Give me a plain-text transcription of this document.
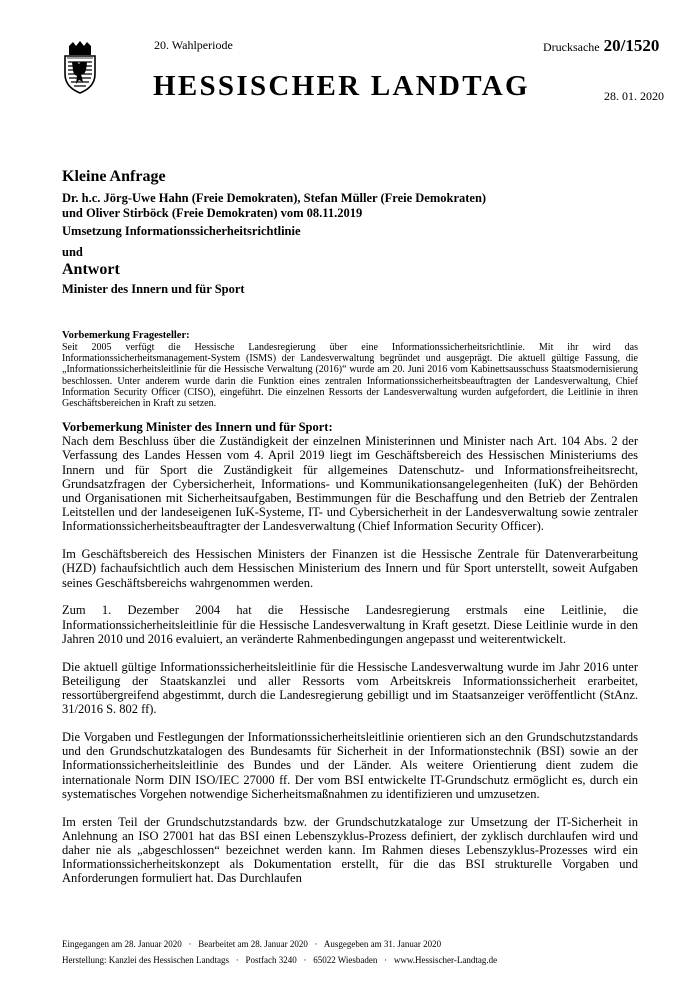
20. Wahlperiode	Drucksache 20/1520
HESSISCHER LANDTAG	28. 01. 2020
Kleine Anfrage
Dr. h.c. Jörg-Uwe Hahn (Freie Demokraten), Stefan Müller (Freie Demokraten)
und Oliver Stirböck (Freie Demokraten) vom 08.11.2019
Umsetzung Informationssicherheitsrichtlinie
und
Antwort
Minister des Innern und für Sport

Vorbemerkung Fragesteller:

Seit 2005 verfügt die Hessische Landesregierung über eine Informationssicherheitsrichtlinie. Mit ihr wird das Informationssicherheitsmanagement-System (ISMS) der Landesverwaltung begründet und ausgeprägt. Die aktuell gültige Fassung, die „Informationssicherheitsleitlinie für die Hessische Verwaltung (2016)“ wurde am 20. Juni 2016 vom Kabinettsausschuss Staatsmodernisierung beschlossen. Unter anderem wurde darin die Funktion eines zentralen Informationssicherheitsbeauftragten der Landesverwaltung, Chief Information Security Officer (CISO), eingeführt. Die einzelnen Ressorts der Landesverwaltung wurden aufgefordert, die Leitlinie in ihren Geschäftsbereichen in Kraft zu setzen.

Vorbemerkung Minister des Innern und für Sport:

Nach dem Beschluss über die Zuständigkeit der einzelnen Ministerinnen und Minister nach Art. 104 Abs. 2 der Verfassung des Landes Hessen vom 4. April 2019 liegt im Geschäftsbereich des Hessischen Ministeriums des Innern und für Sport die Zuständigkeit für allgemeines Datenschutz- und Informationsfreiheitsrecht, Grundsatzfragen der Cybersicherheit, Informations- und Kommunikationsangelegenheiten (IuK) der Behörden und Organisationen mit Sicherheitsaufgaben, Bestimmungen für die Beschaffung und den Betrieb der Zentralen Leitstellen und der landeseigenen IuK-Systeme, IT- und Cybersicherheit in der Landesverwaltung sowie zentraler Informationssicherheitsbeauftragter der Landesverwaltung (Chief Information Security Officer).

Im Geschäftsbereich des Hessischen Ministers der Finanzen ist die Hessische Zentrale für Datenverarbeitung (HZD) fachaufsichtlich auch dem Hessischen Ministerium des Innern und für Sport unterstellt, soweit Aufgaben seines Geschäftsbereichs wahrgenommen werden.

Zum 1. Dezember 2004 hat die Hessische Landesregierung erstmals eine Leitlinie, die Informationssicherheitsleitlinie für die Hessische Landesverwaltung in Kraft gesetzt. Diese Leitlinie wurde in den Jahren 2010 und 2016 evaluiert, an veränderte Rahmenbedingungen angepasst und weiterentwickelt.

Die aktuell gültige Informationssicherheitsleitlinie für die Hessische Landesverwaltung wurde im Jahr 2016 unter Beteiligung der Staatskanzlei und aller Ressorts vom Arbeitskreis Informationssicherheit erarbeitet, ressortübergreifend abgestimmt, durch die Landesregierung gebilligt und im Staatsanzeiger veröffentlicht (StAnz. 31/2016 S. 802 ff).

Die Vorgaben und Festlegungen der Informationssicherheitsleitlinie orientieren sich an den Grundschutzstandards und den Grundschutzkatalogen des Bundesamts für Sicherheit in der Informationstechnik (BSI) sowie an der Informationssicherheitsleitlinie des Bundes und der Länder. Als weitere Orientierung dient zudem die internationale Norm DIN ISO/IEC 27000 ff. Der vom BSI entwickelte IT-Grundschutz ermöglicht es, durch ein systematisches Vorgehen notwendige Sicherheitsmaßnahmen zu identifizieren und umzusetzen.

Im ersten Teil der Grundschutzstandards bzw. der Grundschutzkataloge zur Umsetzung der IT-Sicherheit in Anlehnung an ISO 27001 hat das BSI einen Lebenszyklus-Prozess definiert, der zyklisch durchlaufen wird und daher nie als „abgeschlossen“ bezeichnet werden kann. Im Rahmen dieses Lebenszyklus-Prozesses wird ein Informationssicherheitskonzept als Dokumentation erstellt, für die das BSI strukturelle Vorgaben und Anforderungen formuliert hat. Das Durchlaufen

Eingegangen am 28. Januar 2020   ·   Bearbeitet am 28. Januar 2020   ·   Ausgegeben am 31. Januar 2020
Herstellung: Kanzlei des Hessischen Landtags   ·   Postfach 3240   ·   65022 Wiesbaden   ·   www.Hessischer-Landtag.de
